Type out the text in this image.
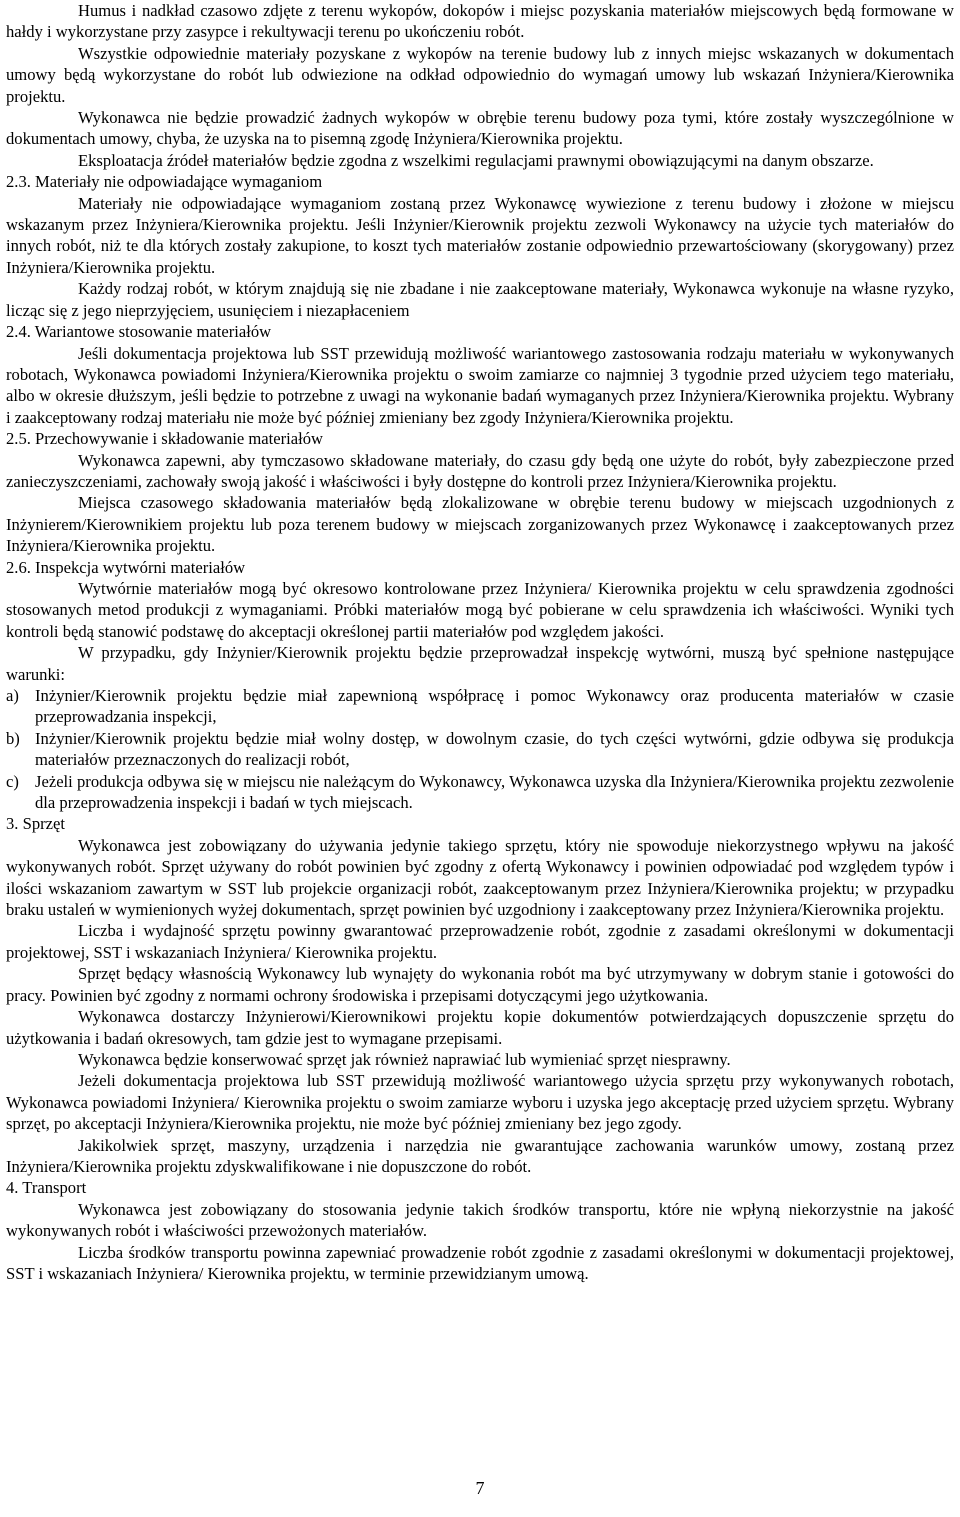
Humus i nadkład czasowo zdjęte z terenu wykopów, dokopów i miejsc pozyskania materiałów miejscowych będą formowane w hałdy i wykorzystane przy zasypce i rekultywacji terenu po ukończeniu robót.

Wszystkie odpowiednie materiały pozyskane z wykopów na terenie budowy lub z innych miejsc wskazanych w dokumentach umowy będą wykorzystane do robót lub odwiezione na odkład odpowiednio do wymagań umowy lub wskazań Inżyniera/Kierownika projektu.

Wykonawca nie będzie prowadzić żadnych wykopów w obrębie terenu budowy poza tymi, które zostały wyszczególnione w dokumentach umowy, chyba, że uzyska na to pisemną zgodę Inżyniera/Kierownika projektu.

Eksploatacja źródeł materiałów będzie zgodna z wszelkimi regulacjami prawnymi obowiązującymi na danym obszarze.

2.3. Materiały nie odpowiadające wymaganiom

Materiały nie odpowiadające wymaganiom zostaną przez Wykonawcę wywiezione z terenu budowy i złożone w miejscu wskazanym przez Inżyniera/Kierownika projektu. Jeśli Inżynier/Kierownik projektu zezwoli Wykonawcy na użycie tych materiałów do innych robót, niż te dla których zostały zakupione, to koszt tych materiałów zostanie odpowiednio przewartościowany (skorygowany) przez Inżyniera/Kierownika projektu.

Każdy rodzaj robót, w którym znajdują się nie zbadane i nie zaakceptowane materiały, Wykonawca wykonuje na własne ryzyko, licząc się z jego nieprzyjęciem, usunięciem i niezapłaceniem

2.4. Wariantowe stosowanie materiałów

Jeśli dokumentacja projektowa lub SST przewidują możliwość wariantowego zastosowania rodzaju materiału w wykonywanych robotach, Wykonawca powiadomi Inżyniera/Kierownika projektu o swoim zamiarze co najmniej 3 tygodnie przed użyciem tego materiału, albo w okresie dłuższym, jeśli będzie to potrzebne z uwagi na wykonanie badań wymaganych przez Inżyniera/Kierownika projektu. Wybrany i zaakceptowany rodzaj materiału nie może być później zmieniany bez zgody Inżyniera/Kierownika projektu.

2.5. Przechowywanie i składowanie materiałów

Wykonawca zapewni, aby tymczasowo składowane materiały, do czasu gdy będą one użyte do robót, były zabezpieczone przed zanieczyszczeniami, zachowały swoją jakość i właściwości i były dostępne do kontroli przez Inżyniera/Kierownika projektu.

Miejsca czasowego składowania materiałów będą zlokalizowane w obrębie terenu budowy w miejscach uzgodnionych z Inżynierem/Kierownikiem projektu lub poza terenem budowy w miejscach zorganizowanych przez Wykonawcę i zaakceptowanych przez Inżyniera/Kierownika projektu.

2.6. Inspekcja wytwórni materiałów

Wytwórnie materiałów mogą być okresowo kontrolowane przez Inżyniera/ Kierownika projektu w celu sprawdzenia zgodności stosowanych metod produkcji z wymaganiami. Próbki materiałów mogą być pobierane w celu sprawdzenia ich właściwości. Wyniki tych kontroli będą stanowić podstawę do akceptacji określonej partii materiałów pod względem jakości.

W przypadku, gdy Inżynier/Kierownik projektu będzie przeprowadzał inspekcję wytwórni, muszą być spełnione następujące warunki:

a) Inżynier/Kierownik projektu będzie miał zapewnioną współpracę i pomoc Wykonawcy oraz producenta materiałów w czasie przeprowadzania inspekcji,
b) Inżynier/Kierownik projektu będzie miał wolny dostęp, w dowolnym czasie, do tych części wytwórni, gdzie odbywa się produkcja materiałów przeznaczonych do realizacji robót,
c) Jeżeli produkcja odbywa się w miejscu nie należącym do Wykonawcy, Wykonawca uzyska dla Inżyniera/Kierownika projektu zezwolenie dla przeprowadzenia inspekcji i badań w tych miejscach.
3. Sprzęt

Wykonawca jest zobowiązany do używania jedynie takiego sprzętu, który nie spowoduje niekorzystnego wpływu na jakość wykonywanych robót. Sprzęt używany do robót powinien być zgodny z ofertą Wykonawcy i powinien odpowiadać pod względem typów i ilości wskazaniom zawartym w SST lub projekcie organizacji robót, zaakceptowanym przez Inżyniera/Kierownika projektu; w przypadku braku ustaleń w wymienionych wyżej dokumentach, sprzęt powinien być uzgodniony i zaakceptowany przez Inżyniera/Kierownika projektu.

Liczba i wydajność sprzętu powinny gwarantować przeprowadzenie robót, zgodnie z zasadami określonymi w dokumentacji projektowej, SST i wskazaniach Inżyniera/ Kierownika projektu.

Sprzęt będący własnością Wykonawcy lub wynajęty do wykonania robót ma być utrzymywany w dobrym stanie i gotowości do pracy. Powinien być zgodny z normami ochrony środowiska i przepisami dotyczącymi jego użytkowania.

Wykonawca dostarczy Inżynierowi/Kierownikowi projektu kopie dokumentów potwierdzających dopuszczenie sprzętu do użytkowania i badań okresowych, tam gdzie jest to wymagane przepisami.

Wykonawca będzie konserwować sprzęt jak również naprawiać lub wymieniać sprzęt niesprawny.

Jeżeli dokumentacja projektowa lub SST przewidują możliwość wariantowego użycia sprzętu przy wykonywanych robotach, Wykonawca powiadomi Inżyniera/ Kierownika projektu o swoim zamiarze wyboru i uzyska jego akceptację przed użyciem sprzętu. Wybrany sprzęt, po akceptacji Inżyniera/Kierownika projektu, nie może być później zmieniany bez jego zgody.

Jakikolwiek sprzęt, maszyny, urządzenia i narzędzia nie gwarantujące zachowania warunków umowy, zostaną przez Inżyniera/Kierownika projektu zdyskwalifikowane i nie dopuszczone do robót.

4. Transport

Wykonawca jest zobowiązany do stosowania jedynie takich środków transportu, które nie wpłyną niekorzystnie na jakość wykonywanych robót i właściwości przewożonych materiałów.

Liczba środków transportu powinna zapewniać prowadzenie robót zgodnie z zasadami określonymi w dokumentacji projektowej, SST i wskazaniach Inżyniera/ Kierownika projektu, w terminie przewidzianym umową.

7
